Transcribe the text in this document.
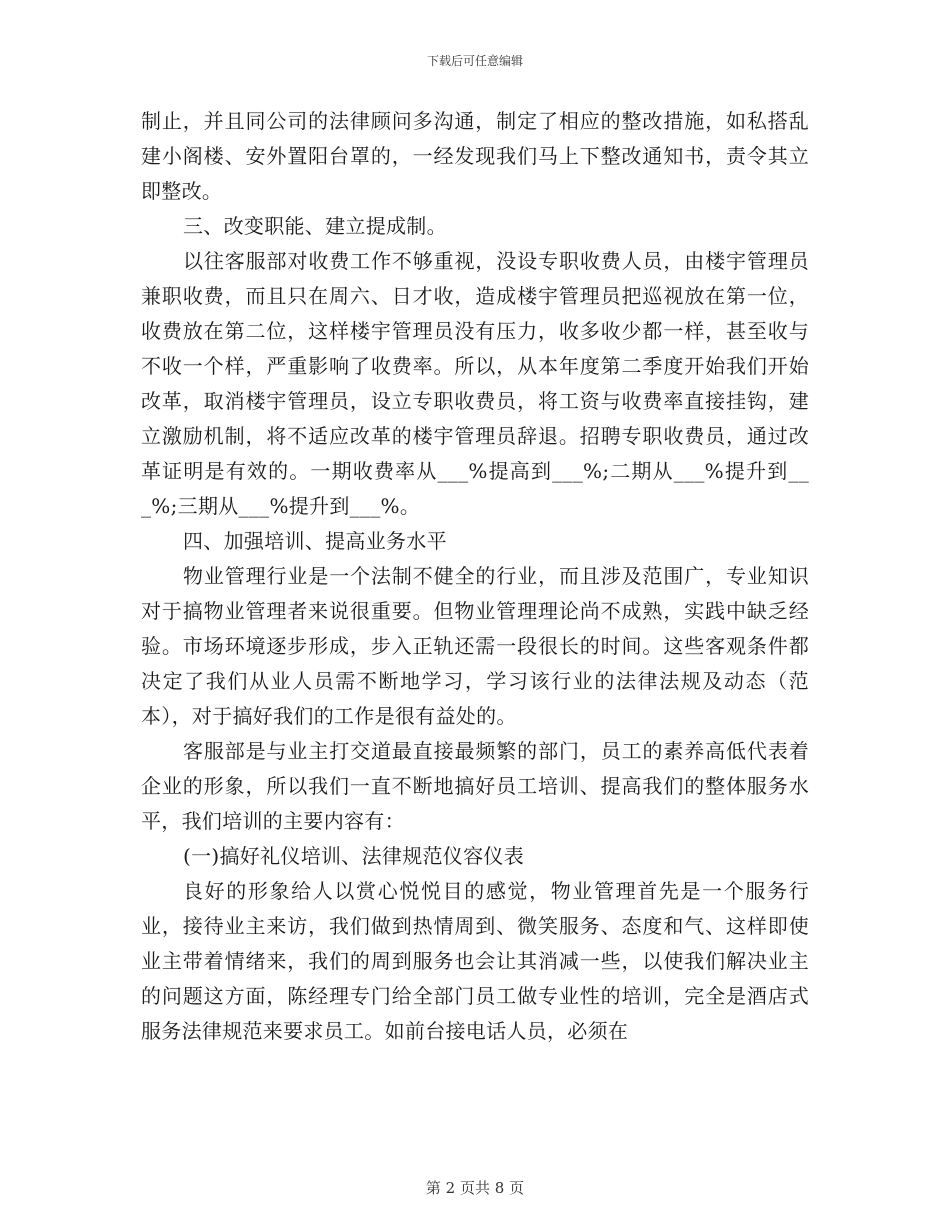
下载后可任意编辑

制止，并且同公司的法律顾问多沟通，制定了相应的整改措施，如私搭乱建小阁楼、安外置阳台罩的，一经发现我们马上下整改通知书，责令其立即整改。

三、改变职能、建立提成制。

以往客服部对收费工作不够重视，没设专职收费人员，由楼宇管理员兼职收费，而且只在周六、日才收，造成楼宇管理员把巡视放在第一位，收费放在第二位，这样楼宇管理员没有压力，收多收少都一样，甚至收与不收一个样，严重影响了收费率。所以，从本年度第二季度开始我们开始改革，取消楼宇管理员，设立专职收费员，将工资与收费率直接挂钩，建立激励机制，将不适应改革的楼宇管理员辞退。招聘专职收费员，通过改革证明是有效的。一期收费率从___%提高到___%;二期从___%提升到___%;三期从___%提升到___%。

四、加强培训、提高业务水平

物业管理行业是一个法制不健全的行业，而且涉及范围广，专业知识对于搞物业管理者来说很重要。但物业管理理论尚不成熟，实践中缺乏经验。市场环境逐步形成，步入正轨还需一段很长的时间。这些客观条件都决定了我们从业人员需不断地学习，学习该行业的法律法规及动态（范本），对于搞好我们的工作是很有益处的。

客服部是与业主打交道最直接最频繁的部门，员工的素养高低代表着企业的形象，所以我们一直不断地搞好员工培训、提高我们的整体服务水平，我们培训的主要内容有：

(一)搞好礼仪培训、法律规范仪容仪表

良好的形象给人以赏心悦悦目的感觉，物业管理首先是一个服务行业，接待业主来访，我们做到热情周到、微笑服务、态度和气、这样即使业主带着情绪来，我们的周到服务也会让其消减一些，以使我们解决业主的问题这方面，陈经理专门给全部门员工做专业性的培训，完全是酒店式服务法律规范来要求员工。如前台接电话人员，必须在

第 2 页共 8 页
